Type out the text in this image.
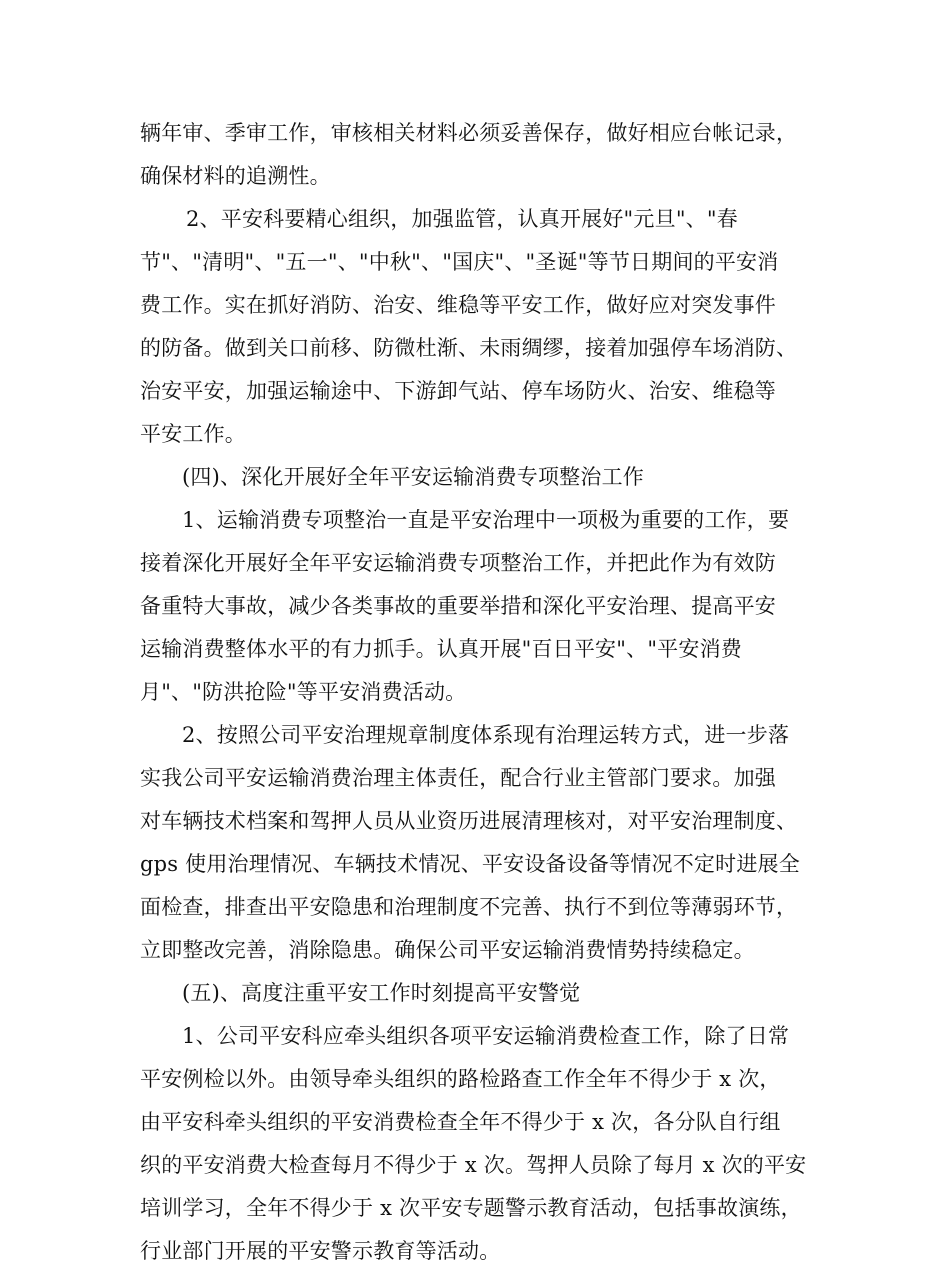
辆年审、季审工作，审核相关材料必须妥善保存，做好相应台帐记录，
确保材料的追溯性。
2、平安科要精心组织，加强监管，认真开展好"元旦"、"春
节"、"清明"、"五一"、"中秋"、"国庆"、"圣诞"等节日期间的平安消
费工作。实在抓好消防、治安、维稳等平安工作，做好应对突发事件
的防备。做到关口前移、防微杜渐、未雨绸缪，接着加强停车场消防、
治安平安，加强运输途中、下游卸气站、停车场防火、治安、维稳等
平安工作。
(四)、深化开展好全年平安运输消费专项整治工作
1、运输消费专项整治一直是平安治理中一项极为重要的工作，要
接着深化开展好全年平安运输消费专项整治工作，并把此作为有效防
备重特大事故，减少各类事故的重要举措和深化平安治理、提高平安
运输消费整体水平的有力抓手。认真开展"百日平安"、"平安消费
月"、"防洪抢险"等平安消费活动。
2、按照公司平安治理规章制度体系现有治理运转方式，进一步落
实我公司平安运输消费治理主体责任，配合行业主管部门要求。加强
对车辆技术档案和驾押人员从业资历进展清理核对，对平安治理制度、
gps 使用治理情况、车辆技术情况、平安设备设备等情况不定时进展全
面检查，排查出平安隐患和治理制度不完善、执行不到位等薄弱环节，
立即整改完善，消除隐患。确保公司平安运输消费情势持续稳定。
(五)、高度注重平安工作时刻提高平安警觉
1、公司平安科应牵头组织各项平安运输消费检查工作，除了日常
平安例检以外。由领导牵头组织的路检路查工作全年不得少于 x 次，
由平安科牵头组织的平安消费检查全年不得少于 x 次，各分队自行组
织的平安消费大检查每月不得少于 x 次。驾押人员除了每月 x 次的平安
培训学习，全年不得少于 x 次平安专题警示教育活动，包括事故演练，
行业部门开展的平安警示教育等活动。
